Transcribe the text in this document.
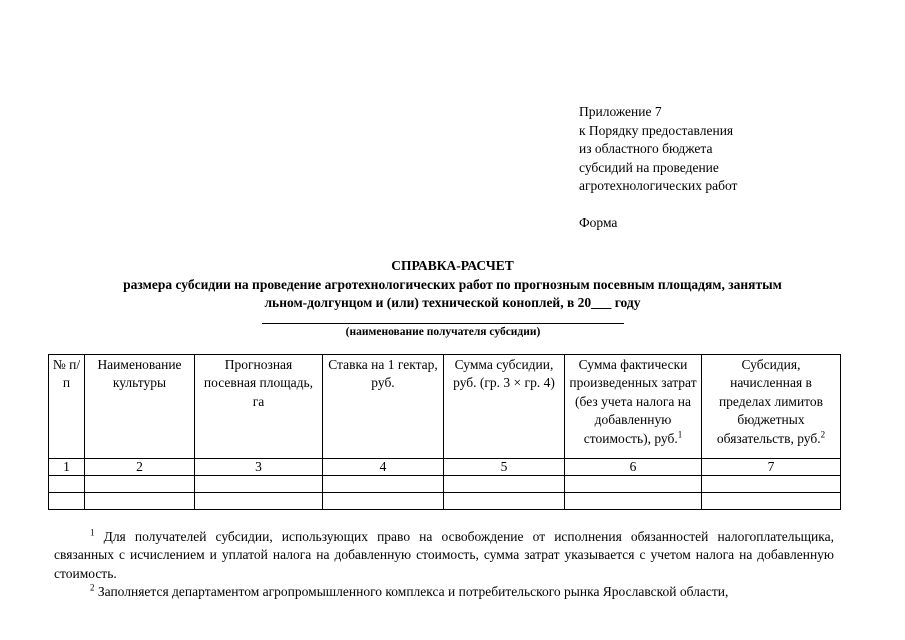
Приложение 7
к Порядку предоставления
из областного бюджета
субсидий на проведение
агротехнологических работ
Форма
СПРАВКА-РАСЧЕТ
размера субсидии на проведение агротехнологических работ по прогнозным посевным площадям, занятым
льном-долгунцом и (или) технической коноплей, в 20___ году
(наименование получателя субсидии)
№ п/п	Наименование культуры	Прогнозная посевная площадь, га	Ставка на 1 гектар, руб.	Сумма субсидии, руб. (гр. 3 × гр. 4)	Сумма фактически произведенных затрат (без учета налога на добавленную стоимость), руб.$^1$	Субсидия, начисленная в пределах лимитов бюджетных обязательств, руб.$^2$
1	2	3	4	5	6	7

$^1$ Для получателей субсидии, использующих право на освобождение от исполнения обязанностей налогоплательщика, связанных с исчислением и уплатой налога на добавленную стоимость, сумма затрат указывается с учетом налога на добавленную стоимость.

$^2$ Заполняется департаментом агропромышленного комплекса и потребительского рынка Ярославской области,
